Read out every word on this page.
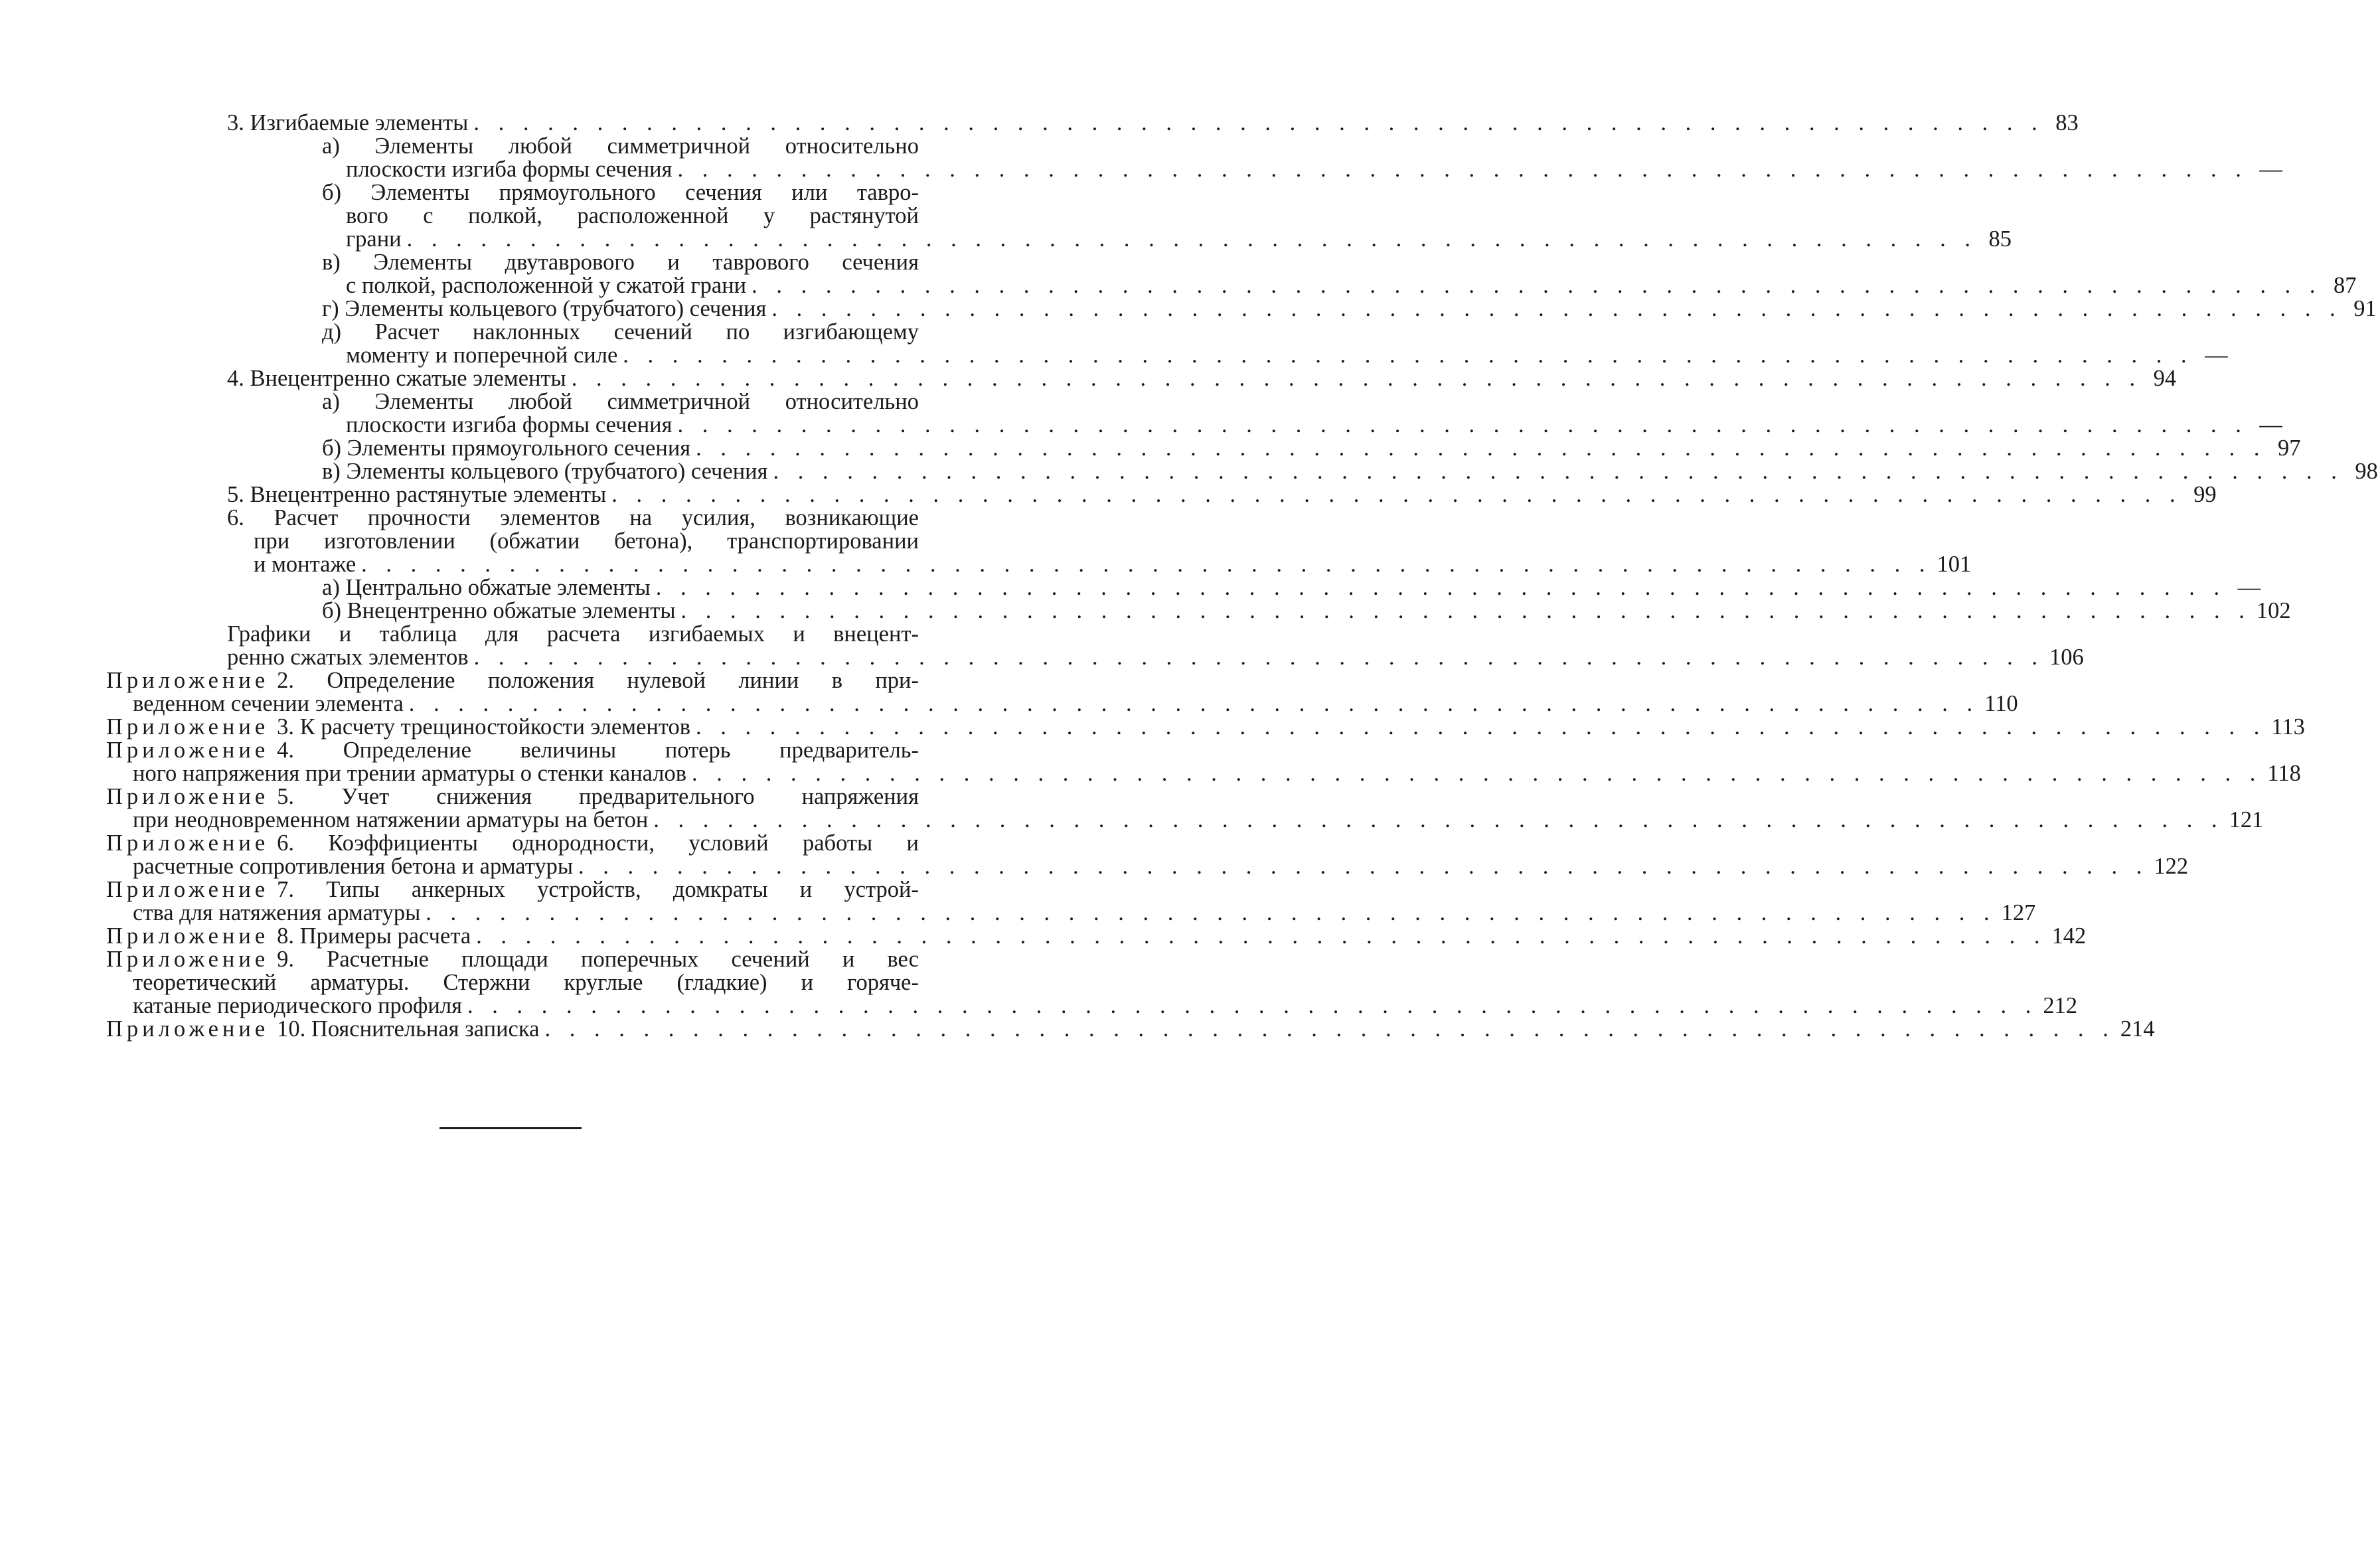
3. Изгибаемые элементы . . . . . . . . . . . . . . . . . . . . . . . . . . . . . . . . . . . . . . . . . . . . . . . . . . . . . . . . . . . . . . . . 83
а) Элементы любой симметричной относительно
плоскости изгиба формы сечения . . . . . . . . . . . . . . . . . . . . . . . . . . . . . . . . . . . . . . . . . . . . . . . . . . . . . . . . . . . . . . . . —
б) Элементы прямоугольного сечения или тавро-
вого с полкой, расположенной у растянутой
грани . . . . . . . . . . . . . . . . . . . . . . . . . . . . . . . . . . . . . . . . . . . . . . . . . . . . . . . . . . . . . . . . 85
в) Элементы двутаврового и таврового сечения
с полкой, расположенной у сжатой грани . . . . . . . . . . . . . . . . . . . . . . . . . . . . . . . . . . . . . . . . . . . . . . . . . . . . . . . . . . . . . . . . 87
г) Элементы кольцевого (трубчатого) сечения . . . . . . . . . . . . . . . . . . . . . . . . . . . . . . . . . . . . . . . . . . . . . . . . . . . . . . . . . . . . . . . . 91
д) Расчет наклонных сечений по изгибающему
моменту и поперечной силе . . . . . . . . . . . . . . . . . . . . . . . . . . . . . . . . . . . . . . . . . . . . . . . . . . . . . . . . . . . . . . . . —
4. Внецентренно сжатые элементы . . . . . . . . . . . . . . . . . . . . . . . . . . . . . . . . . . . . . . . . . . . . . . . . . . . . . . . . . . . . . . . . 94
а) Элементы любой симметричной относительно
плоскости изгиба формы сечения . . . . . . . . . . . . . . . . . . . . . . . . . . . . . . . . . . . . . . . . . . . . . . . . . . . . . . . . . . . . . . . . —
б) Элементы прямоугольного сечения . . . . . . . . . . . . . . . . . . . . . . . . . . . . . . . . . . . . . . . . . . . . . . . . . . . . . . . . . . . . . . . . 97
в) Элементы кольцевого (трубчатого) сечения . . . . . . . . . . . . . . . . . . . . . . . . . . . . . . . . . . . . . . . . . . . . . . . . . . . . . . . . . . . . . . . . 98
5. Внецентренно растянутые элементы . . . . . . . . . . . . . . . . . . . . . . . . . . . . . . . . . . . . . . . . . . . . . . . . . . . . . . . . . . . . . . . . 99
6. Расчет прочности элементов на усилия, возникающие
при изготовлении (обжатии бетона), транспортировании
и монтаже . . . . . . . . . . . . . . . . . . . . . . . . . . . . . . . . . . . . . . . . . . . . . . . . . . . . . . . . . . . . . . . . 101
а) Центрально обжатые элементы . . . . . . . . . . . . . . . . . . . . . . . . . . . . . . . . . . . . . . . . . . . . . . . . . . . . . . . . . . . . . . . . —
б) Внецентренно обжатые элементы . . . . . . . . . . . . . . . . . . . . . . . . . . . . . . . . . . . . . . . . . . . . . . . . . . . . . . . . . . . . . . . . 102
Графики и таблица для расчета изгибаемых и внецент-
ренно сжатых элементов . . . . . . . . . . . . . . . . . . . . . . . . . . . . . . . . . . . . . . . . . . . . . . . . . . . . . . . . . . . . . . . . 106
Приложение 2. Определение положения нулевой линии в при-
веденном сечении элемента . . . . . . . . . . . . . . . . . . . . . . . . . . . . . . . . . . . . . . . . . . . . . . . . . . . . . . . . . . . . . . . . 110
Приложение 3. К расчету трещиностойкости элементов . . . . . . . . . . . . . . . . . . . . . . . . . . . . . . . . . . . . . . . . . . . . . . . . . . . . . . . . . . . . . . . . 113
Приложение 4. Определение величины потерь предваритель-
ного напряжения при трении арматуры о стенки каналов . . . . . . . . . . . . . . . . . . . . . . . . . . . . . . . . . . . . . . . . . . . . . . . . . . . . . . . . . . . . . . . . 118
Приложение 5. Учет снижения предварительного напряжения
при неодновременном натяжении арматуры на бетон . . . . . . . . . . . . . . . . . . . . . . . . . . . . . . . . . . . . . . . . . . . . . . . . . . . . . . . . . . . . . . . . 121
Приложение 6. Коэффициенты однородности, условий работы и
расчетные сопротивления бетона и арматуры . . . . . . . . . . . . . . . . . . . . . . . . . . . . . . . . . . . . . . . . . . . . . . . . . . . . . . . . . . . . . . . . 122
Приложение 7. Типы анкерных устройств, домкраты и устрой-
ства для натяжения арматуры . . . . . . . . . . . . . . . . . . . . . . . . . . . . . . . . . . . . . . . . . . . . . . . . . . . . . . . . . . . . . . . . 127
Приложение 8. Примеры расчета . . . . . . . . . . . . . . . . . . . . . . . . . . . . . . . . . . . . . . . . . . . . . . . . . . . . . . . . . . . . . . . . 142
Приложение 9. Расчетные площади поперечных сечений и вес
теоретический арматуры. Стержни круглые (гладкие) и горяче-
катаные периодического профиля . . . . . . . . . . . . . . . . . . . . . . . . . . . . . . . . . . . . . . . . . . . . . . . . . . . . . . . . . . . . . . . . 212
Приложение 10. Пояснительная записка . . . . . . . . . . . . . . . . . . . . . . . . . . . . . . . . . . . . . . . . . . . . . . . . . . . . . . . . . . . . . . . . 214
